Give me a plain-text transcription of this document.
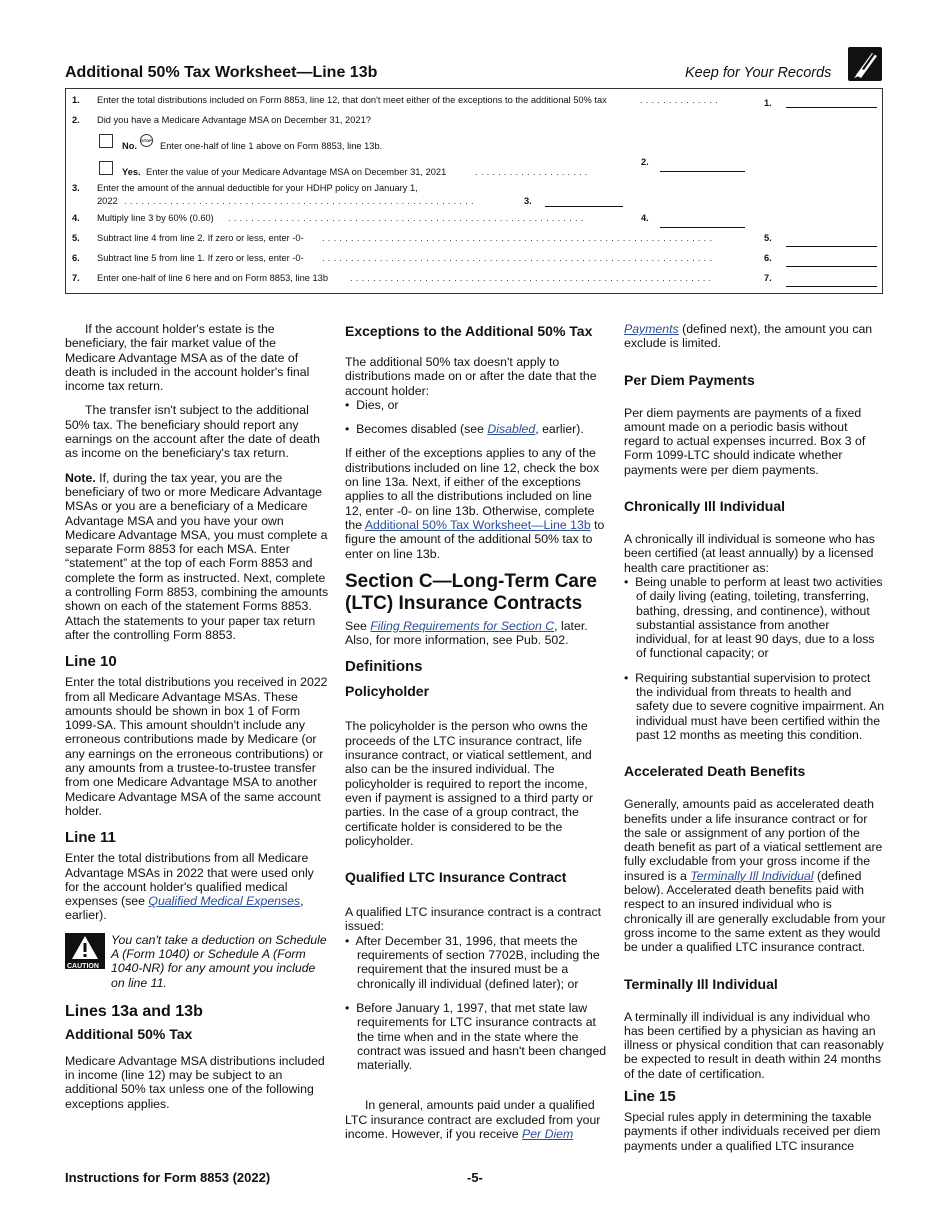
Additional 50% Tax Worksheet—Line 13b	Keep for Your Records
1. Enter the total distributions included on Form 8853, line 12, that don't meet either of the exceptions to the additional 50% tax	..............	1.
2. Did you have a Medicare Advantage MSA on December 31, 2021?
No.
STOP
Enter one-half of line 1 above on Form 8853, line 13b.
Yes. Enter the value of your Medicare Advantage MSA on December 31, 2021	....................
2.
3. Enter the amount of the annual deductible for your HDHP policy on January 1,
2022 .............................................................	3.
4. Multiply line 3 by 60% (0.60) ..............................................................	4.
5. Subtract line 4 from line 2. If zero or less, enter -0- ....................................................................	5.
6. Subtract line 5 from line 1. If zero or less, enter -0- ....................................................................	6.
7. Enter one-half of line 6 here and on Form 8853, line 13b ...............................................................	7.

If the account holder's estate is the beneficiary, the fair market value of the Medicare Advantage MSA as of the date of death is included in the account holder's final income tax return.

The transfer isn't subject to the additional 50% tax. The beneficiary should report any earnings on the account after the date of death as income on the beneficiary's tax return.

Note. If, during the tax year, you are the beneficiary of two or more Medicare Advantage MSAs or you are a beneficiary of a Medicare Advantage MSA and you have your own Medicare Advantage MSA, you must complete a separate Form 8853 for each MSA. Enter “statement” at the top of each Form 8853 and complete the form as instructed. Next, complete a controlling Form 8853, combining the amounts shown on each of the statement Forms 8853. Attach the statements to your paper tax return after the controlling Form 8853.

Line 10

Enter the total distributions you received in 2022 from all Medicare Advantage MSAs. These amounts should be shown in box 1 of Form 1099-SA. This amount shouldn't include any erroneous contributions made by Medicare (or any earnings on the erroneous contributions) or any amounts from a trustee-to-trustee transfer from one Medicare Advantage MSA to another Medicare Advantage MSA of the same account holder.

Line 11

Enter the total distributions from all Medicare Advantage MSAs in 2022 that were used only for the account holder's qualified medical expenses (see Qualified Medical Expenses, earlier).

CAUTION
You can't take a deduction on Schedule A (Form 1040) or Schedule A (Form 1040-NR) for any amount you include on line 11.
Lines 13a and 13b
Additional 50% Tax

Medicare Advantage MSA distributions included in income (line 12) may be subject to an additional 50% tax unless one of the following exceptions applies.

Exceptions to the Additional 50% Tax

The additional 50% tax doesn't apply to distributions made on or after the date that the account holder:

•  Dies, or

•  Becomes disabled (see Disabled, earlier).

If either of the exceptions applies to any of the distributions included on line 12, check the box on line 13a. Next, if either of the exceptions applies to all the distributions included on line 12, enter -0- on line 13b. Otherwise, complete the Additional 50% Tax Worksheet—Line 13b to figure the amount of the additional 50% tax to enter on line 13b.

Section C—Long-Term Care (LTC) Insurance Contracts

See Filing Requirements for Section C, later. Also, for more information, see Pub. 502.

Definitions
Policyholder

The policyholder is the person who owns the proceeds of the LTC insurance contract, life insurance contract, or viatical settlement, and also can be the insured individual. The policyholder is required to report the income, even if payment is assigned to a third party or parties. In the case of a group contract, the certificate holder is considered to be the policyholder.

Qualified LTC Insurance Contract

A qualified LTC insurance contract is a contract issued:

•  After December 31, 1996, that meets the requirements of section 7702B, including the requirement that the insured must be a chronically ill individual (defined later); or

•  Before January 1, 1997, that met state law requirements for LTC insurance contracts at the time when and in the state where the contract was issued and hasn't been changed materially.

In general, amounts paid under a qualified LTC insurance contract are excluded from your income. However, if you receive Per Diem

Payments (defined next), the amount you can exclude is limited.

Per Diem Payments

Per diem payments are payments of a fixed amount made on a periodic basis without regard to actual expenses incurred. Box 3 of Form 1099-LTC should indicate whether payments were per diem payments.

Chronically Ill Individual

A chronically ill individual is someone who has been certified (at least annually) by a licensed health care practitioner as:

•  Being unable to perform at least two activities of daily living (eating, toileting, transferring, bathing, dressing, and continence), without substantial assistance from another individual, for at least 90 days, due to a loss of functional capacity; or

•  Requiring substantial supervision to protect the individual from threats to health and safety due to severe cognitive impairment. An individual must have been certified within the past 12 months as meeting this condition.

Accelerated Death Benefits

Generally, amounts paid as accelerated death benefits under a life insurance contract or for the sale or assignment of any portion of the death benefit as part of a viatical settlement are fully excludable from your gross income if the insured is a Terminally Ill Individual (defined below). Accelerated death benefits paid with respect to an insured individual who is chronically ill are generally excludable from your gross income to the same extent as they would be under a qualified LTC insurance contract.

Terminally Ill Individual

A terminally ill individual is any individual who has been certified by a physician as having an illness or physical condition that can reasonably be expected to result in death within 24 months of the date of certification.

Line 15

Special rules apply in determining the taxable payments if other individuals received per diem payments under a qualified LTC insurance

Instructions for Form 8853 (2022)	-5-
